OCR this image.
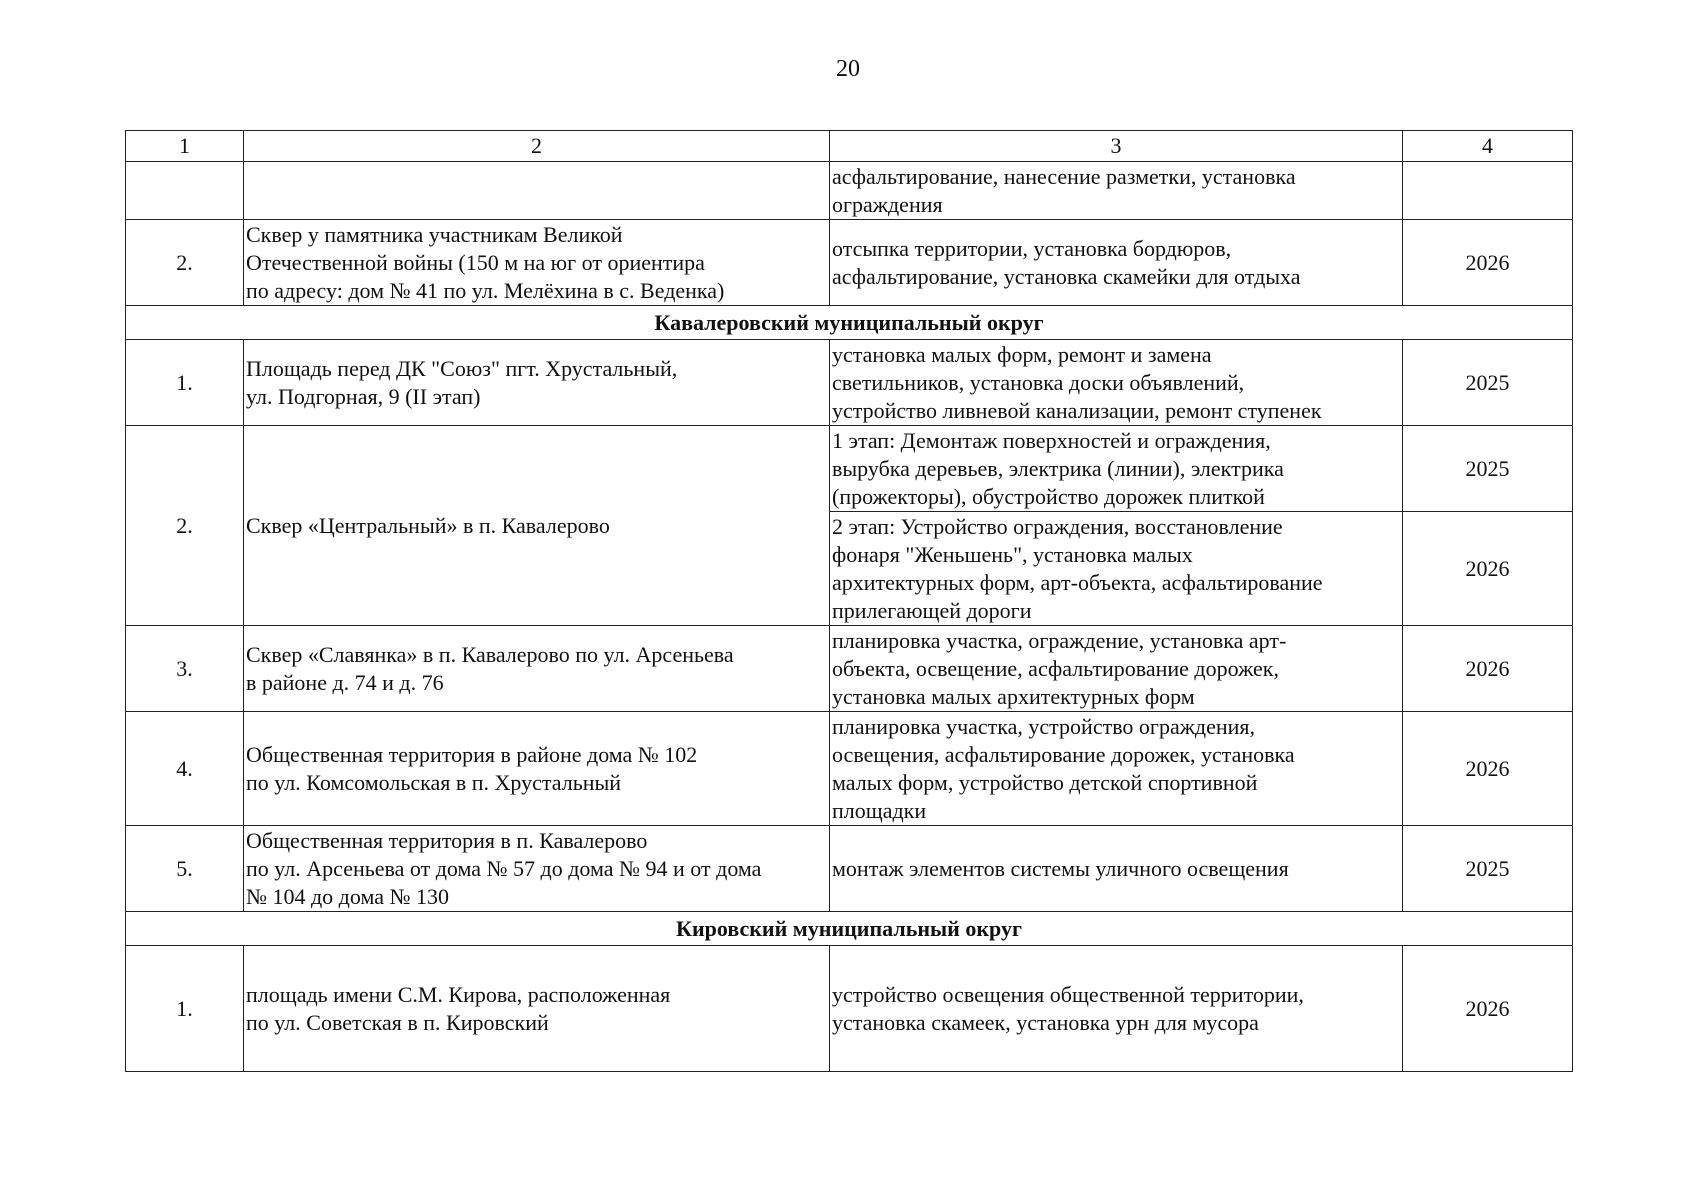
20
1	2	3	4

		асфальтирование, нанесение разметки, установка
ограждения	

2.	Сквер у памятника участникам Великой
Отечественной войны (150 м на юг от ориентира
по адресу: дом № 41 по ул. Мелёхина в с. Веденка)	отсыпка территории, установка бордюров,
асфальтирование, установка скамейки для отдыха	2026
Кавалеровский муниципальный округ			
1.	Площадь перед ДК "Союз" пгт. Хрустальный,
ул. Подгорная, 9 (II этап)	установка малых форм, ремонт и замена
светильников, установка доски объявлений,
устройство ливневой канализации, ремонт ступенек	2025
2.	Сквер «Центральный» в п. Кавалерово	1 этап: Демонтаж поверхностей и ограждения,
вырубка деревьев, электрика (линии), электрика
(прожекторы), обустройство дорожек плиткой	2025

		2 этап: Устройство ограждения, восстановление
фонаря "Женьшень", установка малых
архитектурных форм, арт-объекта, асфальтирование
прилегающей дороги	2026
3.	Сквер «Славянка» в п. Кавалерово по ул. Арсеньева
в районе д. 74 и д. 76	планировка участка, ограждение, установка арт-
объекта, освещение, асфальтирование дорожек,
установка малых архитектурных форм	2026
4.	Общественная территория в районе дома № 102
по ул. Комсомольская в п. Хрустальный	планировка участка, устройство ограждения,
освещения, асфальтирование дорожек, установка
малых форм, устройство детской спортивной
площадки	2026
5.	Общественная территория в п. Кавалерово
по ул. Арсеньева от дома № 57 до дома № 94 и от дома
№ 104 до дома № 130	монтаж элементов системы уличного освещения	2025
Кировский муниципальный округ			
1.	площадь имени С.М. Кирова, расположенная
по ул. Советская в п. Кировский	устройство освещения общественной территории,
установка скамеек, установка урн для мусора	2026
